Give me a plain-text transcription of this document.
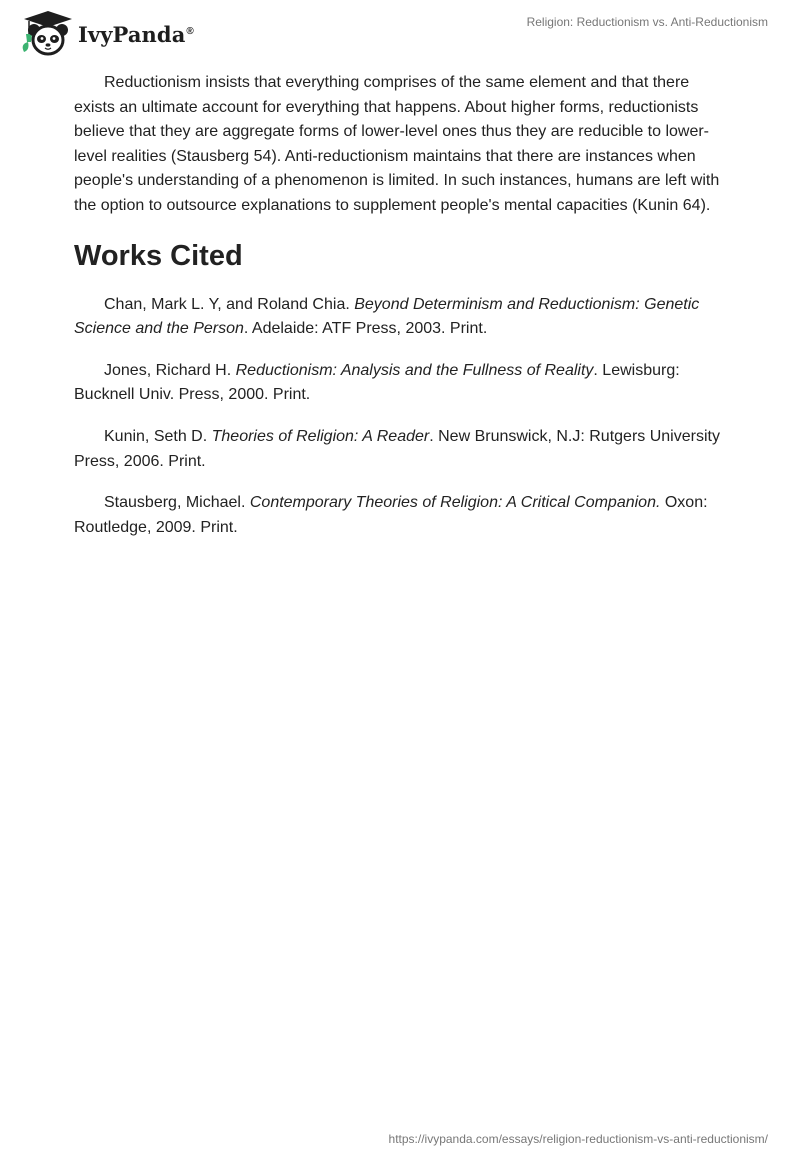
IvyPanda®
Religion: Reductionism vs. Anti-Reductionism

Reductionism insists that everything comprises of the same element and that there exists an ultimate account for everything that happens. About higher forms, reductionists believe that they are aggregate forms of lower-level ones thus they are reducible to lower-level realities (Stausberg 54). Anti-reductionism maintains that there are instances when people's understanding of a phenomenon is limited. In such instances, humans are left with the option to outsource explanations to supplement people's mental capacities (Kunin 64).

Works Cited

Chan, Mark L. Y, and Roland Chia. Beyond Determinism and Reductionism: Genetic Science and the Person. Adelaide: ATF Press, 2003. Print.

Jones, Richard H. Reductionism: Analysis and the Fullness of Reality. Lewisburg: Bucknell Univ. Press, 2000. Print.

Kunin, Seth D. Theories of Religion: A Reader. New Brunswick, N.J: Rutgers University Press, 2006. Print.

Stausberg, Michael. Contemporary Theories of Religion: A Critical Companion. Oxon: Routledge, 2009. Print.

https://ivypanda.com/essays/religion-reductionism-vs-anti-reductionism/
